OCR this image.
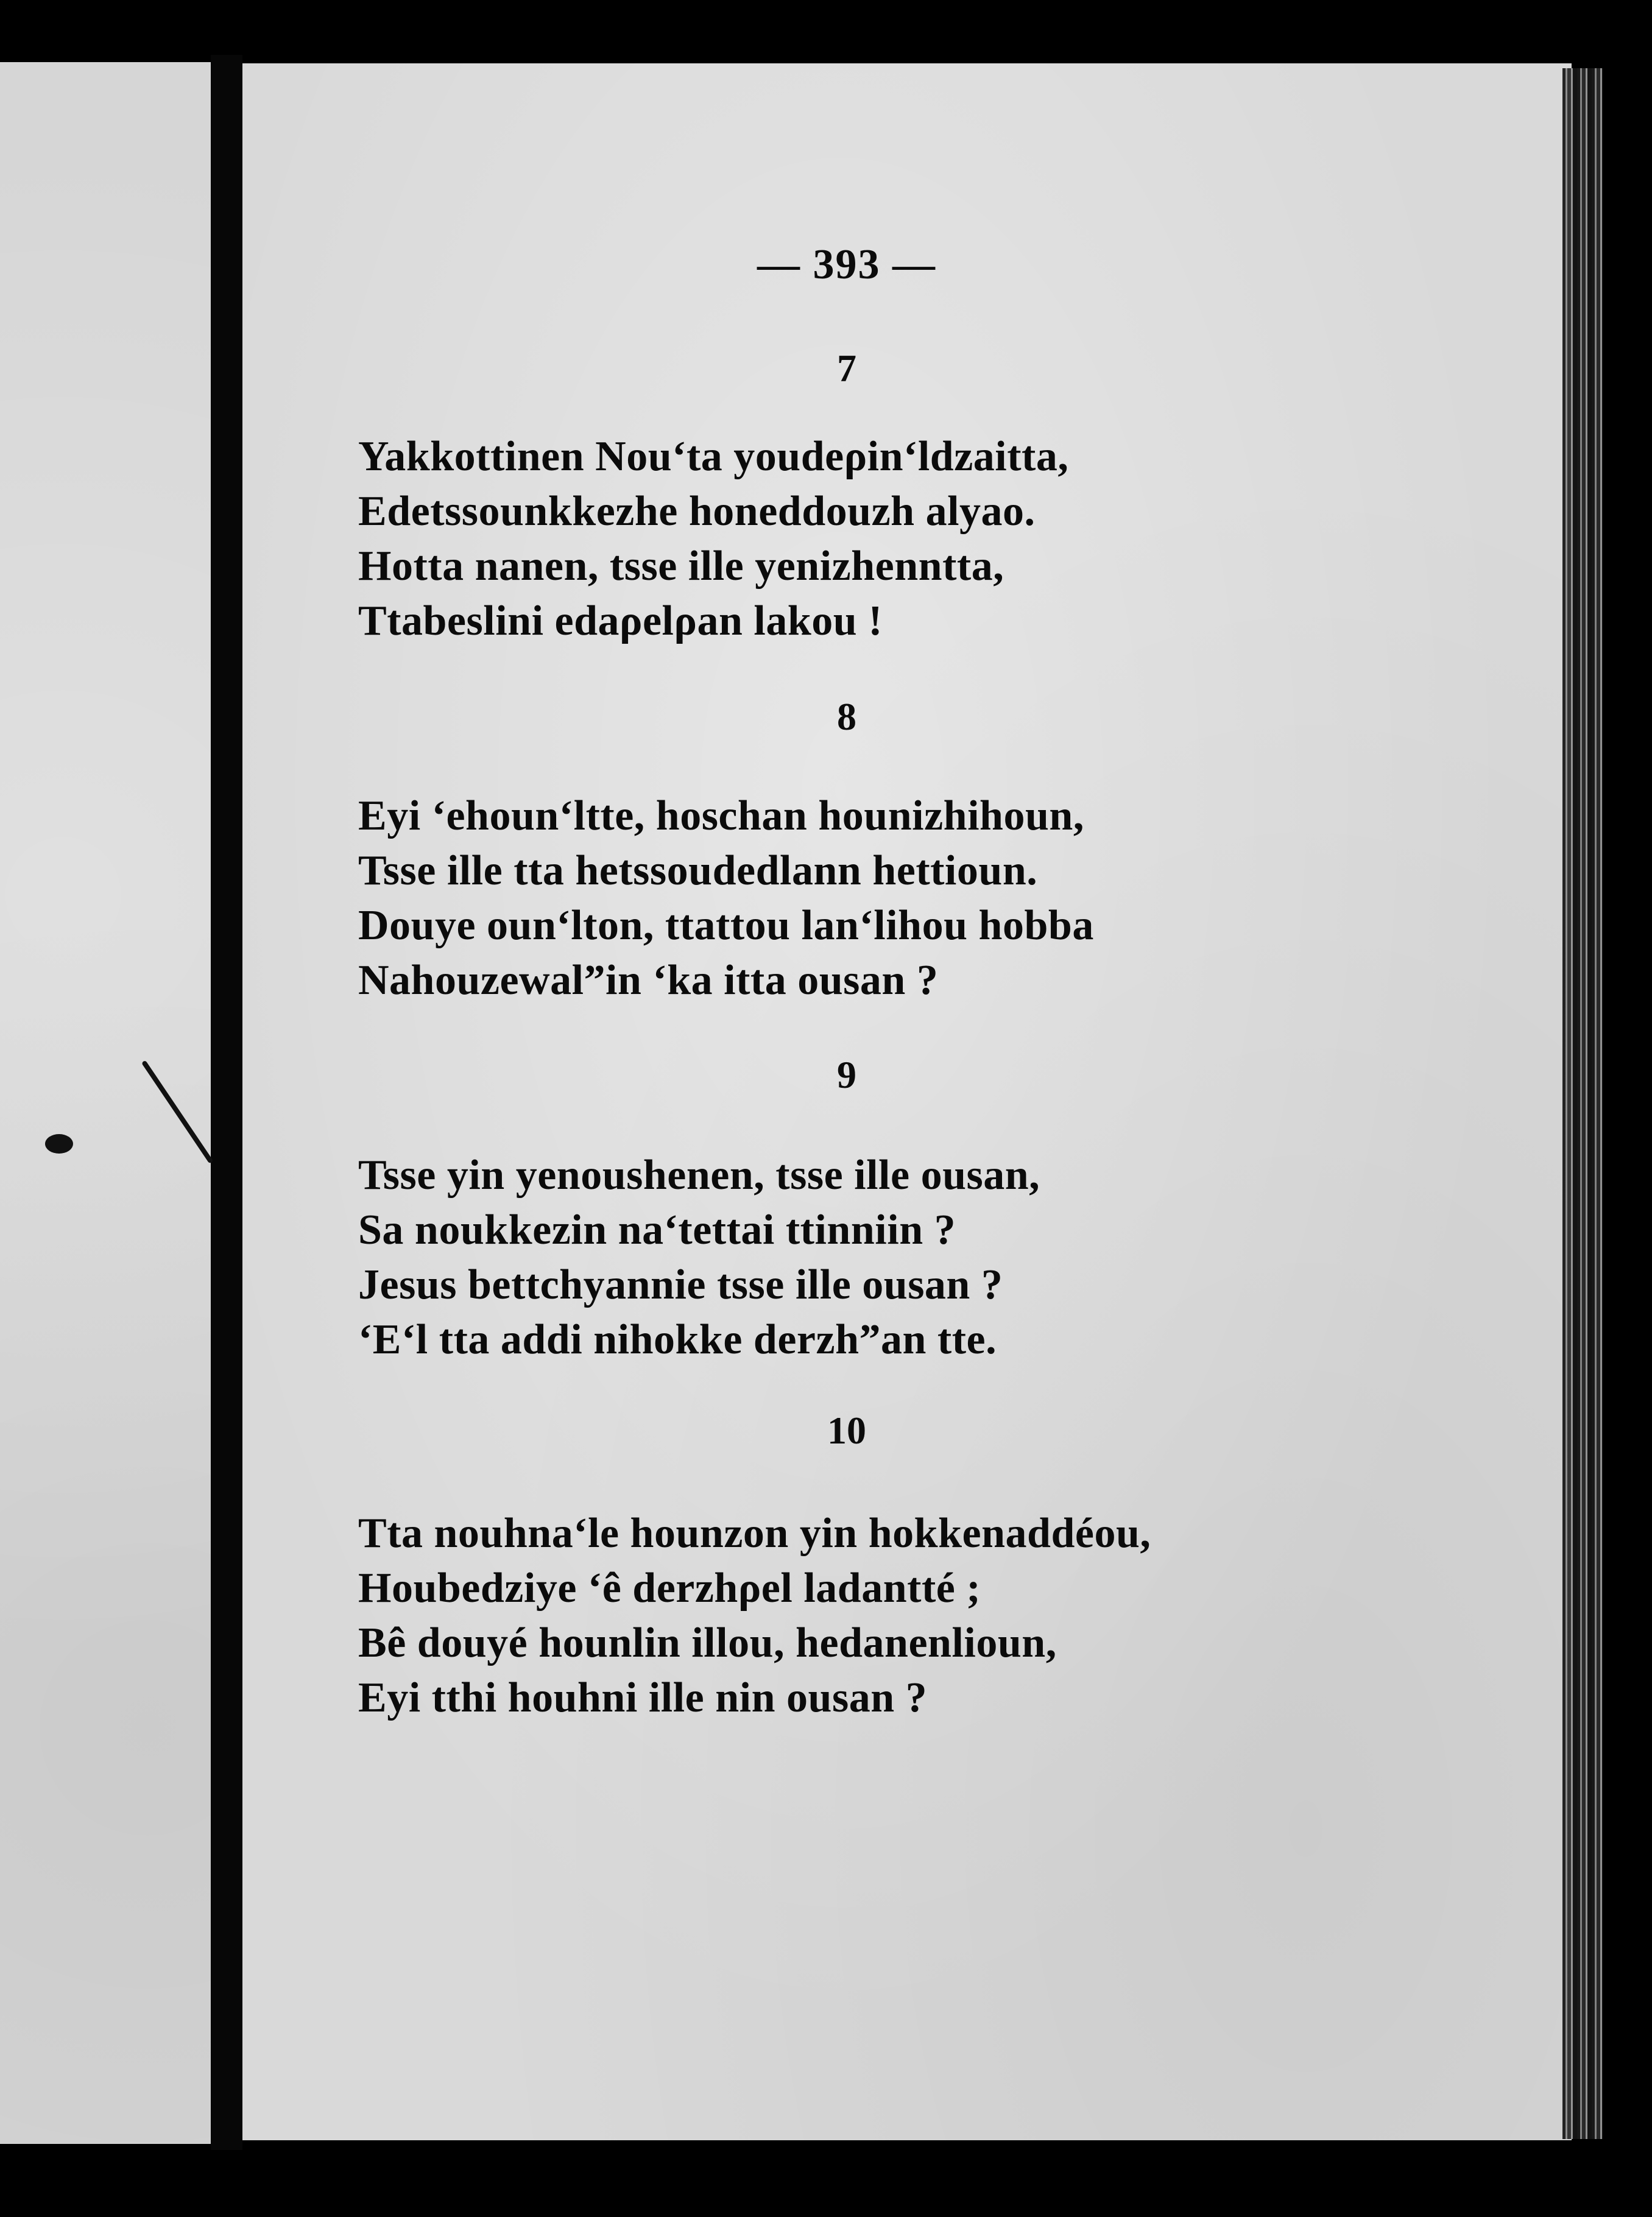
— 393 —
7
Yakkottinen Nou‘ta youdeρin‘ldzaitta,
Edetssounkkezhe honeddouzh alyao.
Hotta nanen, tsse ille yenizhenntta,
Ttabeslini edaρelρan lakou !
8
Eyi ‘ehoun‘ltte, hoschan hounizhihoun,
Tsse ille tta hetssoudedlann hettioun.
Douye oun‘lton, ttattou lan‘lihou hobba
Nahouzewal”in ‘ka itta ousan ?
9
Tsse yin yenoushenen, tsse ille ousan,
Sa noukkezin na‘tettai ttinniin ?
Jesus bettchyannie tsse ille ousan ?
‘E‘l tta addi nihokke derzh”an tte.
10
Tta nouhna‘le hounzon yin hokkenaddéou,
Houbedziye ‘ê derzhρel ladantté ;
Bê douyé hounlin illou, hedanenlioun,
Eyi tthi houhni ille nin ousan ?
